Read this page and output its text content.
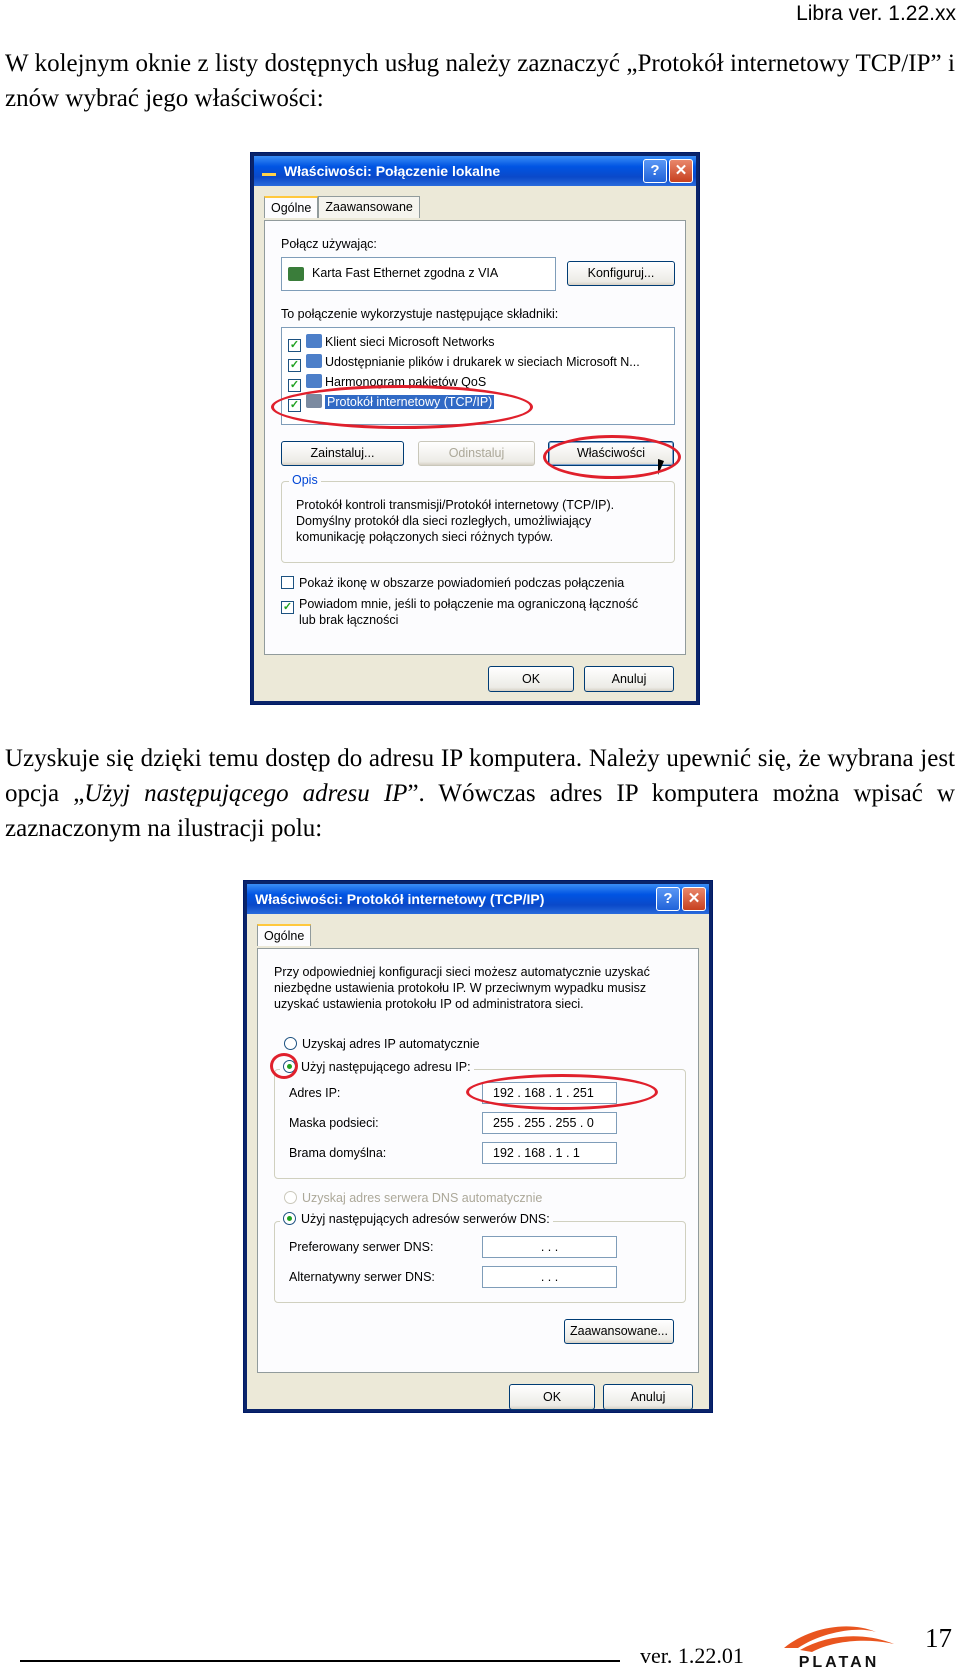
Libra ver. 1.22.xx

W kolejnym oknie z listy dostępnych usług należy zaznaczyć „Protokół internetowy TCP/IP” i znów wybrać jego właściwości:

Właściwości: Połączenie lokalne	?	✕
Ogólne	Zaawansowane
Połącz używając:
Karta Fast Ethernet zgodna z VIA	Konfiguruj...
To połączenie wykorzystuje następujące składniki:
✓ Klient sieci Microsoft Networks
✓ Udostępnianie plików i drukarek w sieciach Microsoft N...
✓ Harmonogram pakietów QoS
✓ Protokół internetowy (TCP/IP)
Zainstaluj...	Odinstaluj	Właściwości
Opis
Protokół kontroli transmisji/Protokół internetowy (TCP/IP).
Domyślny protokół dla sieci rozległych, umożliwiający
komunikację połączonych sieci różnych typów.
Pokaż ikonę w obszarze powiadomień podczas połączenia
✓ Powiadom mnie, jeśli to połączenie ma ograniczoną łączność
lub brak łączności
OK	Anuluj

Uzyskuje się dzięki temu dostęp do adresu IP komputera. Należy upewnić się, że wybrana jest opcja „Użyj następującego adresu IP”. Wówczas adres IP komputera można wpisać w zaznaczonym na ilustracji polu:

Właściwości: Protokół internetowy (TCP/IP)	?	✕
Ogólne
Przy odpowiedniej konfiguracji sieci możesz automatycznie uzyskać
niezbędne ustawienia protokołu IP. W przeciwnym wypadku musisz
uzyskać ustawienia protokołu IP od administratora sieci.
Uzyskaj adres IP automatycznie
Użyj następującego adresu IP:
Adres IP:	192 . 168 . 1 . 251
Maska podsieci:	255 . 255 . 255 . 0
Brama domyślna:	192 . 168 . 1 . 1
Uzyskaj adres serwera DNS automatycznie
Użyj następujących adresów serwerów DNS:
Preferowany serwer DNS:	. . .
Alternatywny serwer DNS:	. . .
Zaawansowane...
OK	Anuluj
ver. 1.22.01	PLATAN
17
